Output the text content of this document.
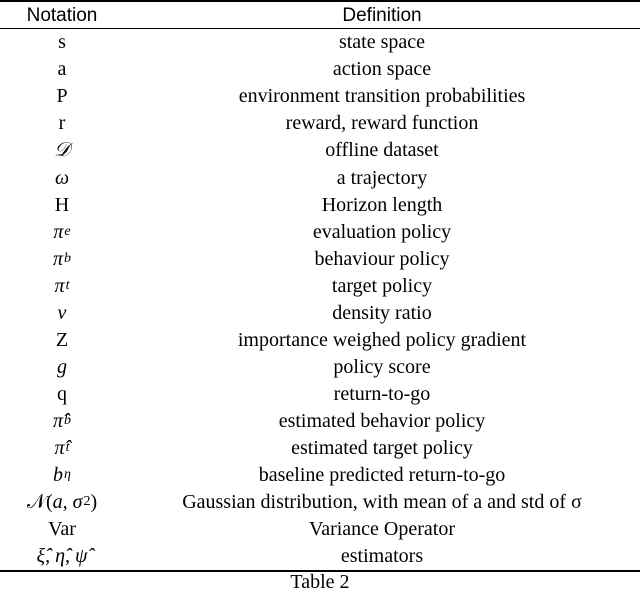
Notation	Definition
s	state space
a	action space
P	environment transition probabilities
r	reward, reward function
𝒟	offline dataset
ω	a trajectory
H	Horizon length
π e	evaluation policy
π b	behaviour policy
π t	target policy
ν	density ratio
Z	importance weighed policy gradient
g	policy score
q	return-to-go
π̂ b	estimated behavior policy
π̂ t	estimated target policy
b η	baseline predicted return-to-go
𝒩( a , σ 2 )	Gaussian distribution, with mean of a and std of σ
Var	Variance Operator
ξ̂, η̂, ψ̂	estimators
Table 2
